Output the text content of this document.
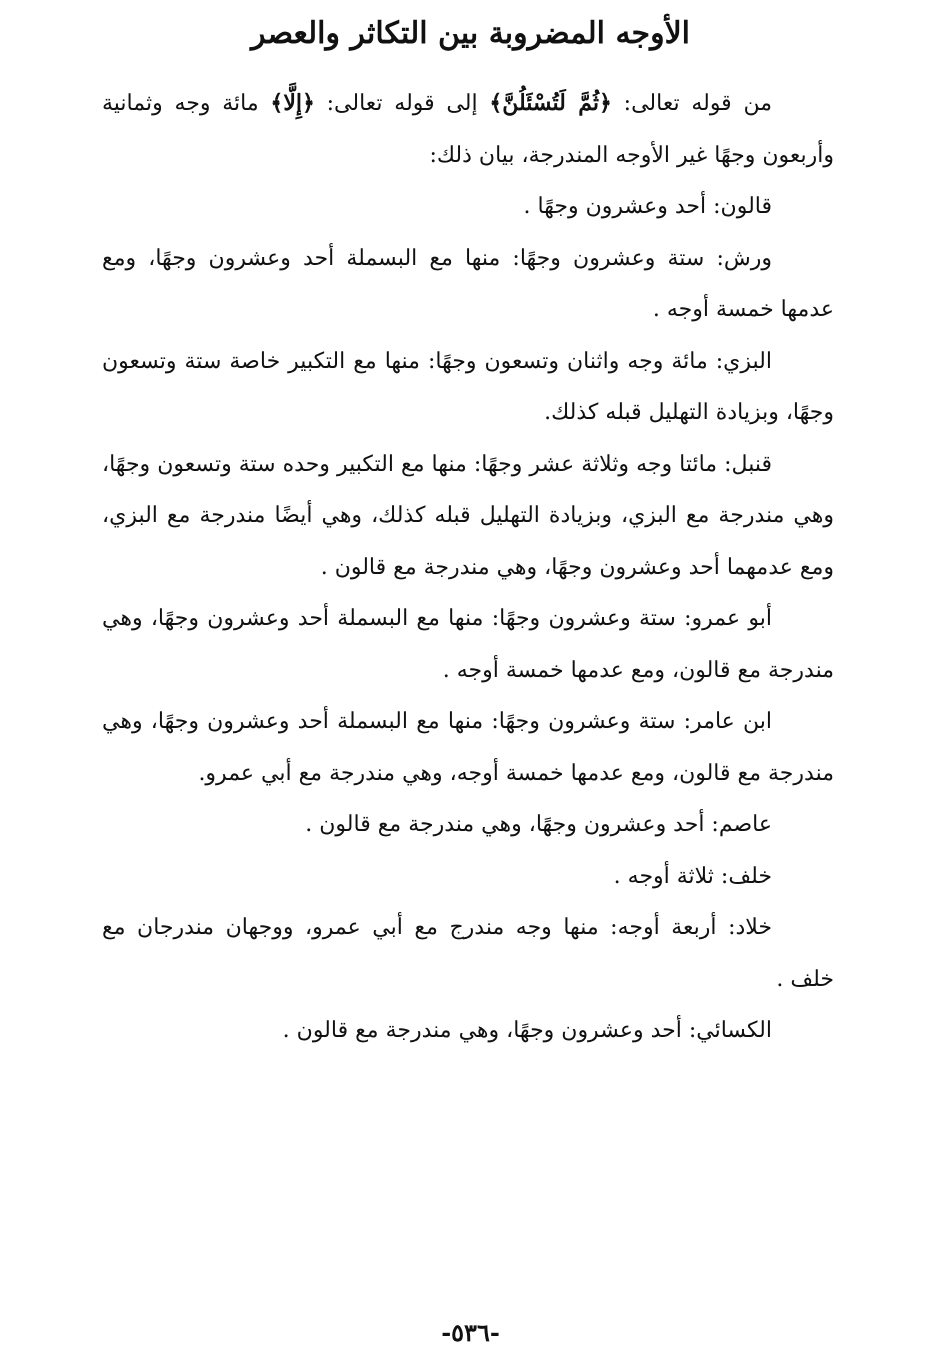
الأوجه المضروبة بين التكاثر والعصر

من قوله تعالى: ﴿ثُمَّ لَتُسْئَلُنَّ﴾ إلى قوله تعالى: ﴿إِلَّا﴾ مائة وجه وثمانية وأربعون وجهًا غير الأوجه المندرجة، بيان ذلك:

قالون: أحد وعشرون وجهًا .

ورش: ستة وعشرون وجهًا: منها مع البسملة أحد وعشرون وجهًا، ومع عدمها خمسة أوجه .

البزي: مائة وجه واثنان وتسعون وجهًا: منها مع التكبير خاصة ستة وتسعون وجهًا، وبزيادة التهليل قبله كذلك.

قنبل: مائتا وجه وثلاثة عشر وجهًا: منها مع التكبير وحده ستة وتسعون وجهًا، وهي مندرجة مع البزي، وبزيادة التهليل قبله كذلك، وهي أيضًا مندرجة مع البزي، ومع عدمهما أحد وعشرون وجهًا، وهي مندرجة مع قالون .

أبو عمرو: ستة وعشرون وجهًا: منها مع البسملة أحد وعشرون وجهًا، وهي مندرجة مع قالون، ومع عدمها خمسة أوجه .

ابن عامر: ستة وعشرون وجهًا: منها مع البسملة أحد وعشرون وجهًا، وهي مندرجة مع قالون، ومع عدمها خمسة أوجه، وهي مندرجة مع أبي عمرو.

عاصم: أحد وعشرون وجهًا، وهي مندرجة مع قالون .

خلف: ثلاثة أوجه .

خلاد: أربعة أوجه: منها وجه مندرج مع أبي عمرو، ووجهان مندرجان مع خلف .

الكسائي: أحد وعشرون وجهًا، وهي مندرجة مع قالون .

-٥٣٦-
